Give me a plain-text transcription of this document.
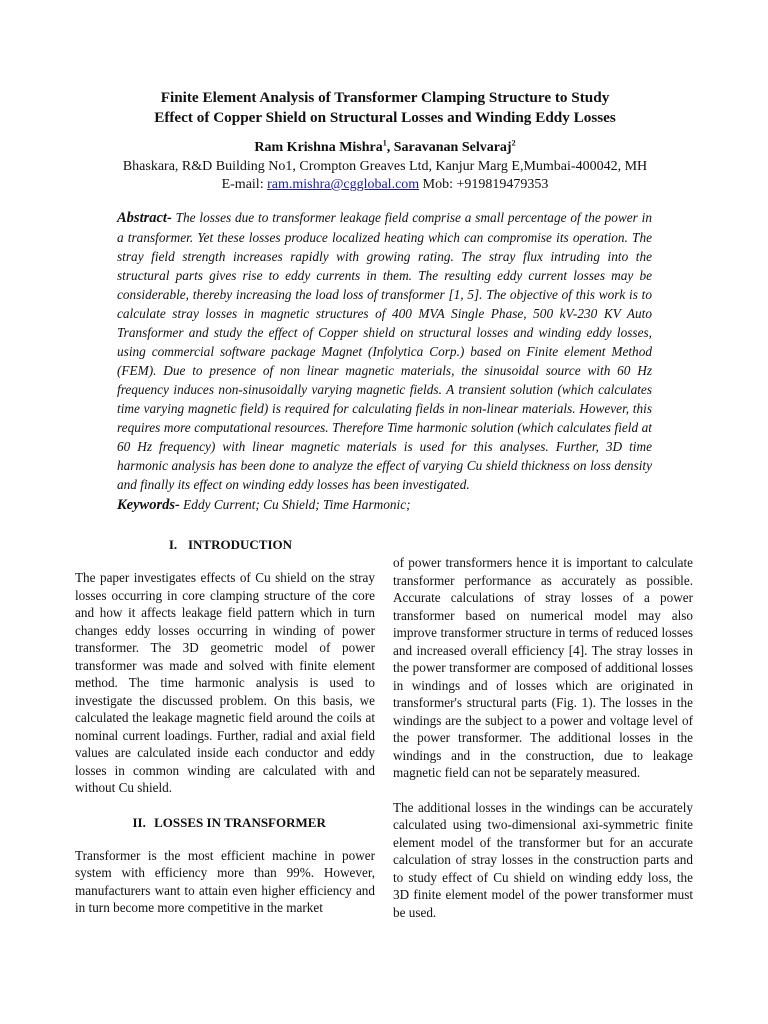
Finite Element Analysis of Transformer Clamping Structure to Study
Effect of Copper Shield on Structural Losses and Winding Eddy Losses
Ram Krishna Mishra$^1$, Saravanan Selvaraj$^2$
Bhaskara, R&D Building No1, Crompton Greaves Ltd, Kanjur Marg E,Mumbai-400042, MH
E-mail: ram.mishra@cgglobal.com Mob: +919819479353
Abstract- The losses due to transformer leakage field comprise a small percentage of the power in a transformer. Yet these losses produce localized heating which can compromise its operation. The stray field strength increases rapidly with growing rating. The stray flux intruding into the structural parts gives rise to eddy currents in them. The resulting eddy current losses may be considerable, thereby increasing the load loss of transformer [1, 5]. The objective of this work is to calculate stray losses in magnetic structures of 400 MVA Single Phase, 500 kV-230 KV Auto Transformer and study the effect of Copper shield on structural losses and winding eddy losses, using commercial software package Magnet (Infolytica Corp.) based on Finite element Method (FEM). Due to presence of non linear magnetic materials, the sinusoidal source with 60 Hz frequency induces non-sinusoidally varying magnetic fields. A transient solution (which calculates time varying magnetic field) is required for calculating fields in non-linear materials. However, this requires more computational resources. Therefore Time harmonic solution (which calculates field at 60 Hz frequency) with linear magnetic materials is used for this analyses. Further, 3D time harmonic analysis has been done to analyze the effect of varying Cu shield thickness on loss density and finally its effect on winding eddy losses has been investigated.
Keywords- Eddy Current; Cu Shield; Time Harmonic;
I. INTRODUCTION

The paper investigates effects of Cu shield on the stray losses occurring in core clamping structure of the core and how it affects leakage field pattern which in turn changes eddy losses occurring in winding of power transformer. The 3D geometric model of power transformer was made and solved with finite element method. The time harmonic analysis is used to investigate the discussed problem. On this basis, we calculated the leakage magnetic field around the coils at nominal current loadings. Further, radial and axial field values are calculated inside each conductor and eddy losses in common winding are calculated with and without Cu shield.

II. LOSSES IN TRANSFORMER

Transformer is the most efficient machine in power system with efficiency more than 99%. However, manufacturers want to attain even higher efficiency and in turn become more competitive in the market

of power transformers hence it is important to calculate transformer performance as accurately as possible. Accurate calculations of stray losses of a power transformer based on numerical model may also improve transformer structure in terms of reduced losses and increased overall efficiency [4]. The stray losses in the power transformer are composed of additional losses in windings and of losses which are originated in transformer's structural parts (Fig. 1). The losses in the windings are the subject to a power and voltage level of the power transformer. The additional losses in the windings and in the construction, due to leakage magnetic field can not be separately measured.

The additional losses in the windings can be accurately calculated using two-dimensional axi-symmetric finite element model of the transformer but for an accurate calculation of stray losses in the construction parts and to study effect of Cu shield on winding eddy loss, the 3D finite element model of the power transformer must be used.
